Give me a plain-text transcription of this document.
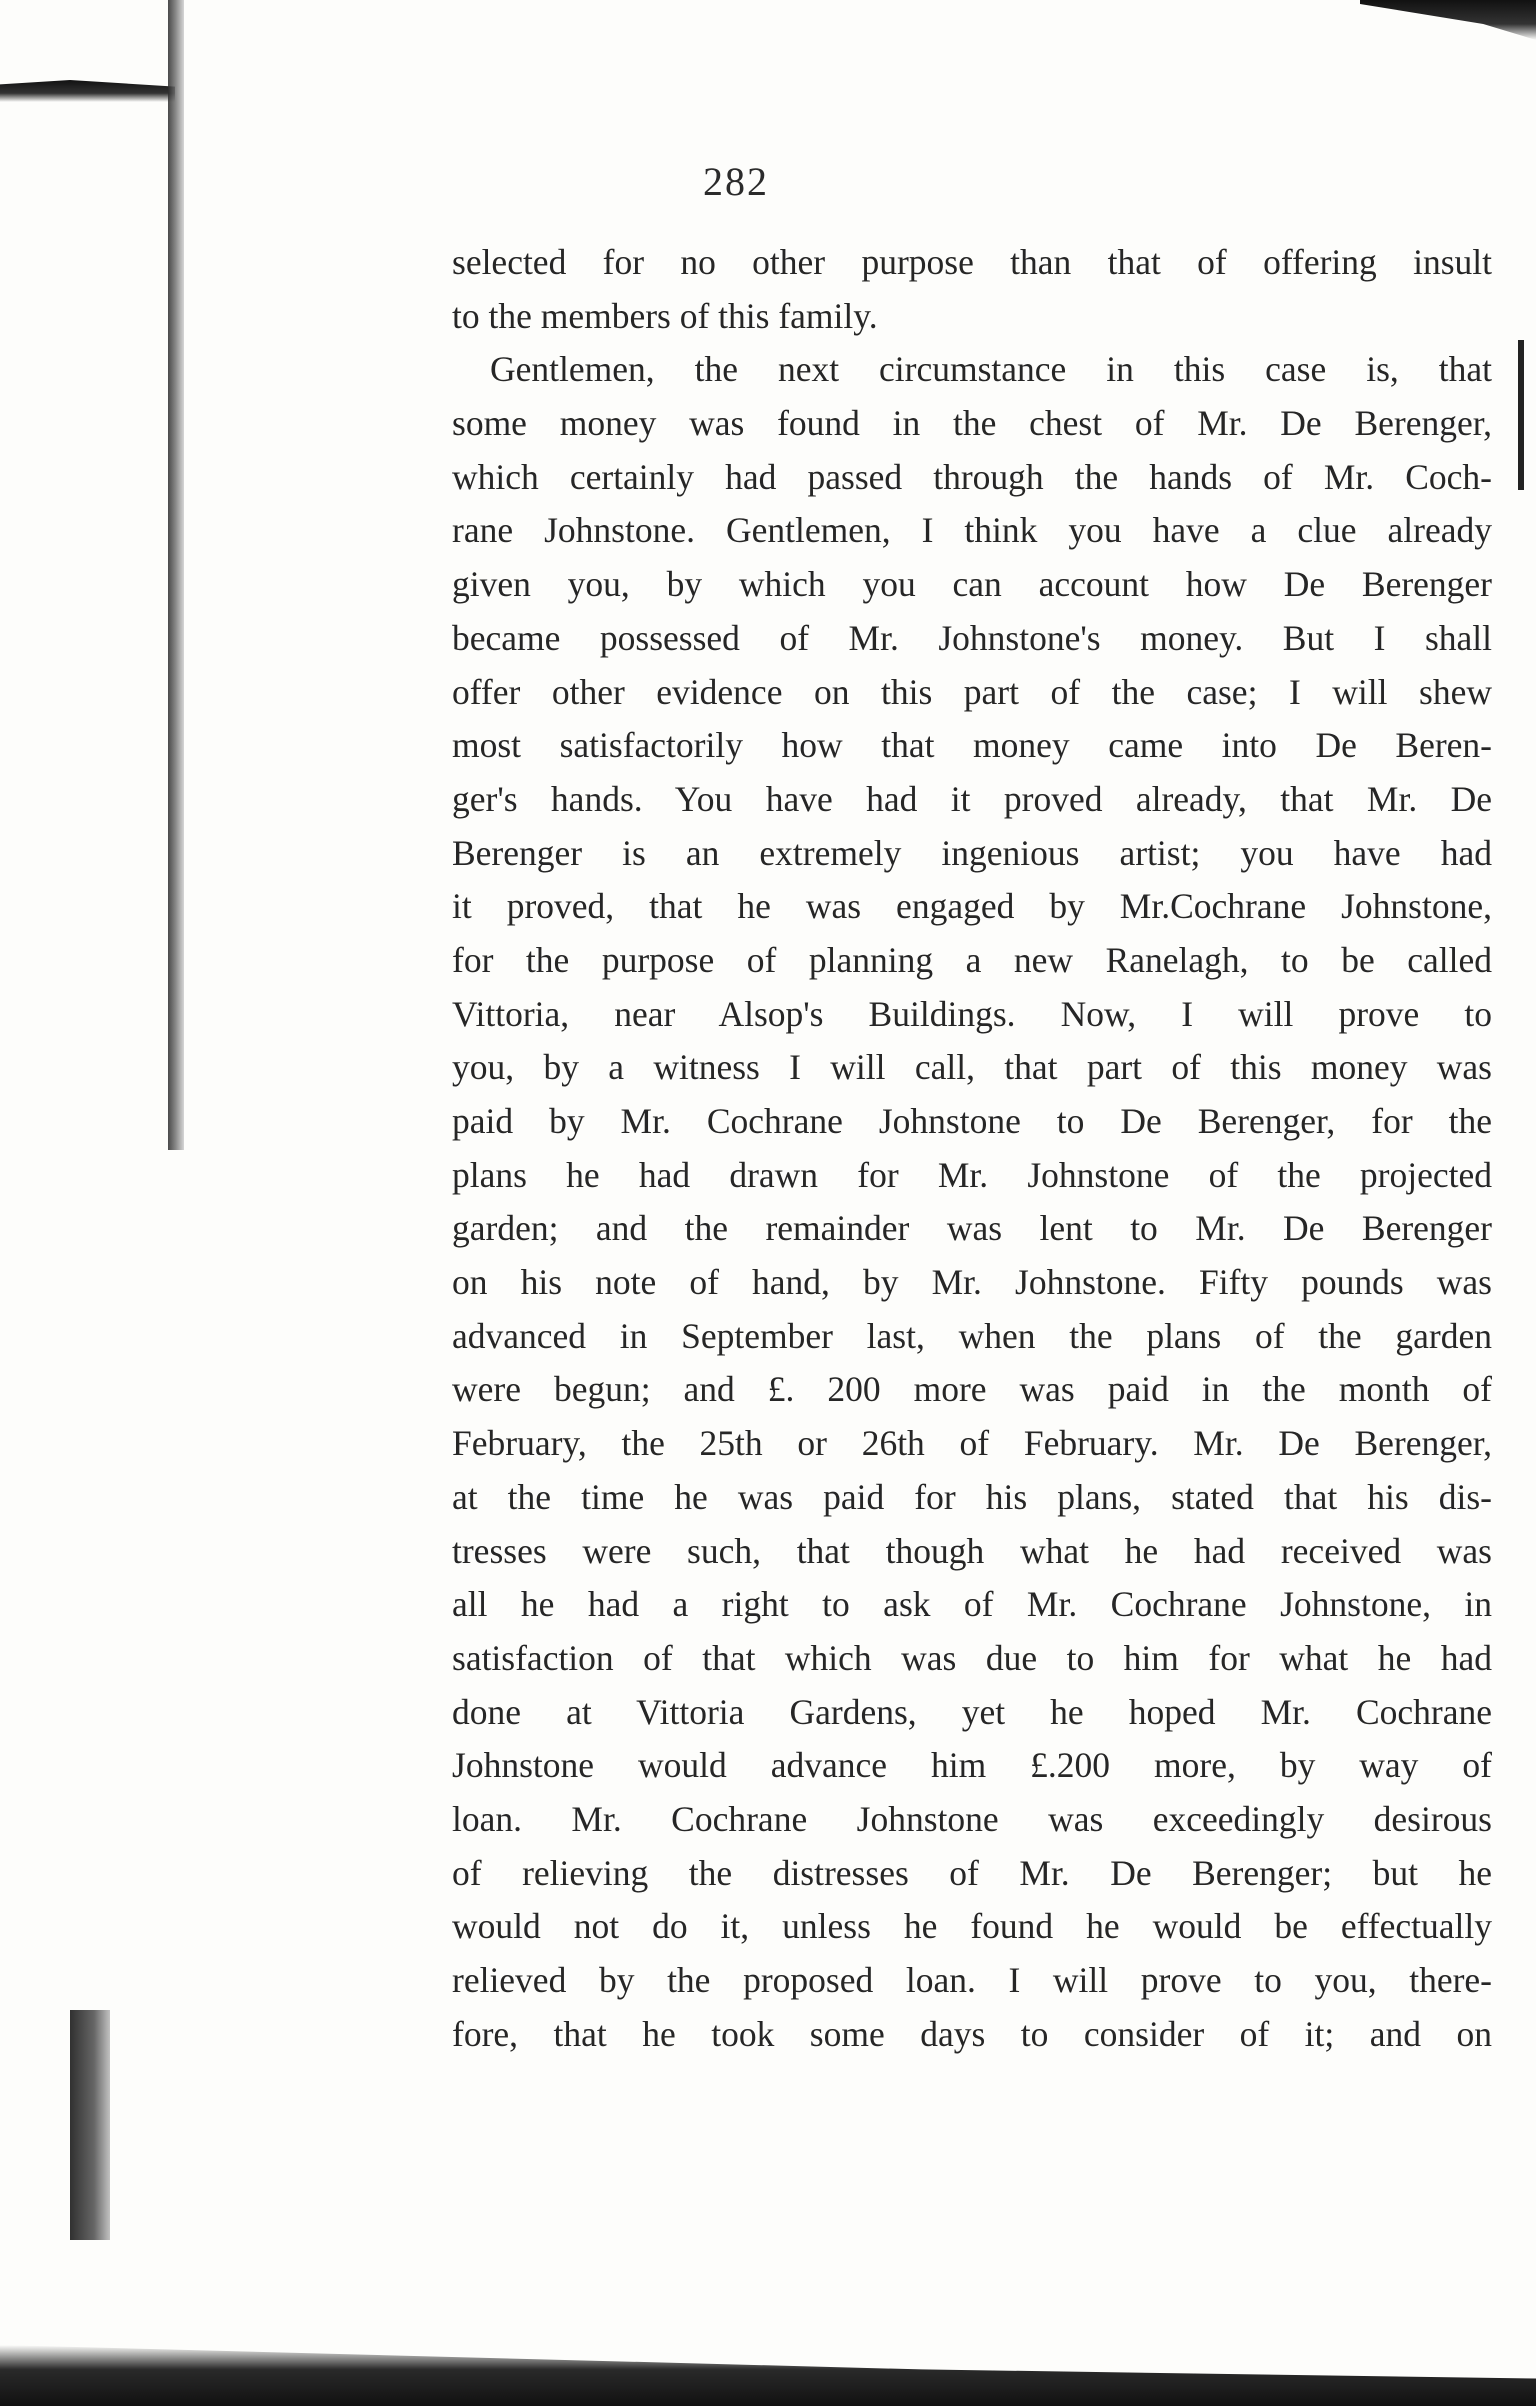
282
selected for no other purpose than that of offering insult
to the members of this family.
Gentlemen, the next circumstance in this case is, that
some money was found in the chest of Mr. De Berenger,
which certainly had passed through the hands of Mr. Coch-
rane Johnstone. Gentlemen, I think you have a clue already
given you, by which you can account how De Berenger
became possessed of Mr. Johnstone's money. But I shall
offer other evidence on this part of the case; I will shew
most satisfactorily how that money came into De Beren-
ger's hands. You have had it proved already, that Mr. De
Berenger is an extremely ingenious artist; you have had
it proved, that he was engaged by Mr.Cochrane Johnstone,
for the purpose of planning a new Ranelagh, to be called
Vittoria, near Alsop's Buildings. Now, I will prove to
you, by a witness I will call, that part of this money was
paid by Mr. Cochrane Johnstone to De Berenger, for the
plans he had drawn for Mr. Johnstone of the projected
garden; and the remainder was lent to Mr. De Berenger
on his note of hand, by Mr. Johnstone. Fifty pounds was
advanced in September last, when the plans of the garden
were begun; and £. 200 more was paid in the month of
February, the 25th or 26th of February. Mr. De Berenger,
at the time he was paid for his plans, stated that his dis-
tresses were such, that though what he had received was
all he had a right to ask of Mr. Cochrane Johnstone, in
satisfaction of that which was due to him for what he had
done at Vittoria Gardens, yet he hoped Mr. Cochrane
Johnstone would advance him £.200 more, by way of
loan. Mr. Cochrane Johnstone was exceedingly desirous
of relieving the distresses of Mr. De Berenger; but he
would not do it, unless he found he would be effectually
relieved by the proposed loan. I will prove to you, there-
fore, that he took some days to consider of it; and on
